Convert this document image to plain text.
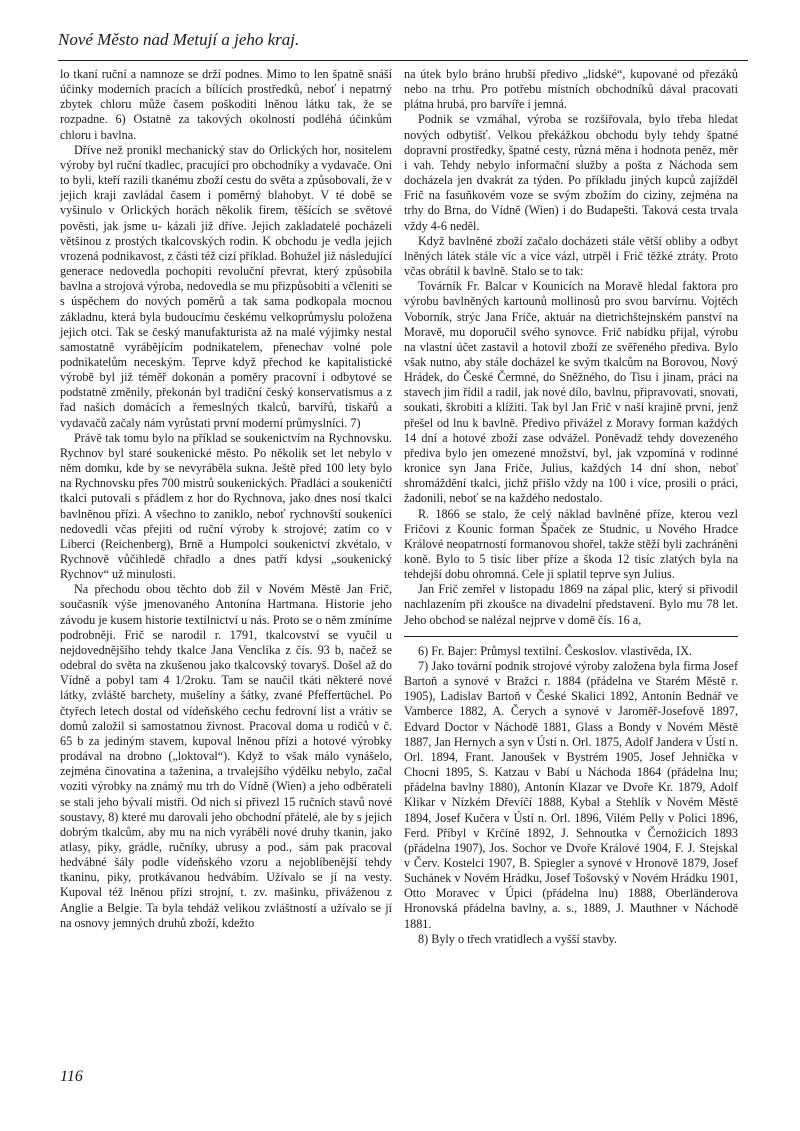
Nové Město nad Metují a jeho kraj.

lo tkaní ruční a namnoze se drží podnes. Mimo to len špatně snáší účinky moderních pracích a bílících prostředků, neboť i nepatrný zbytek chloru může časem poškoditi lněnou látku tak, že se rozpadne. 6) Ostatně za takových okolností podléhá účinkům chloru i bavlna.

Dříve než pronikl mechanický stav do Orlických hor, nositelem výroby byl ruční tkadlec, pracující pro obchodníky a vydavače. Oni to byli, kteří razili tkanému zboží cestu do světa a způsobovali, že v jejich kraji zavládal časem i poměrný blahobyt. V té době se vyšinulo v Orlických horách několik firem, těšících se světové pověsti, jak jsme u- kázali již dříve. Jejich zakladatelé pocházeli většinou z prostých tkalcovských rodin. K obchodu je vedla jejich vrozená podnikavost, z části též cizí příklad. Bohužel již následující generace nedovedla pochopiti revoluční převrat, který způsobila bavlna a strojová výroba, nedovedla se mu přizpůsobiti a včleniti se s úspěchem do nových poměrů a tak sama podkopala mocnou základnu, která byla budoucímu českému velkoprůmyslu položena jejich otci. Tak se český manufakturista až na malé výjimky nestal samostatně vyrábějícím podnikatelem, přenechav volné pole podnikatelům neceským. Teprve když přechod ke kapitalistické výrobě byl již téměř dokonán a poměry pracovní i odbytové se podstatně změnily, překonán byl tradiční český konservatismus a z řad našich domácích a řemeslných tkalců, barvířů, tiskařů a vydavačů začaly nám vyrůstati první moderní průmyslníci. 7)

Právě tak tomu bylo na příklad se soukenictvím na Rychnovsku. Rychnov byl staré soukenické město. Po několik set let nebylo v něm domku, kde by se nevyráběla sukna. Ještě před 100 lety bylo na Rychnovsku přes 700 mistrů soukenických. Přadláci a soukeničtí tkalci putovali s přádlem z hor do Rychnova, jako dnes nosí tkalci bavlněnou přízi. A všechno to zaniklo, neboť rychnovští soukeníci nedovedli včas přejiti od ruční výroby k strojové; zatím co v Liberci (Reichenberg), Brně a Humpolci soukenictví zkvétalo, v Rychnově vůčihledě chřadlo a dnes patří kdysi „soukenický Rychnov“ už minulosti.

Na přechodu obou těchto dob žil v Novém Městě Jan Frič, současník výše jmenovaného Antonína Hartmana. Historie jeho závodu je kusem historie textilnictví u nás. Proto se o něm zmíníme podrobněji. Frič se narodil r. 1791, tkalcovství se vyučil u nejdovednějšího tehdy tkalce Jana Venclíka z čís. 93 b, načež se odebral do světa na zkušenou jako tkalcovský tovaryš. Došel až do Vídně a pobyl tam 4 1/2roku. Tam se naučil tkáti některé nové látky, zvláště barchety, mušelíny a šátky, zvané Pfeffertüchel. Po čtyřech letech dostal od vídeňského cechu fedrovní list a vrátiv se domů založil si samostatnou živnost. Pracoval doma u rodičů v č. 65 b za jediným stavem, kupoval lněnou přízi a hotové výrobky prodával na drobno („loktoval“). Když to však málo vynášelo, zejména činovatina a taženina, a trvalejšího výdělku nebylo, začal voziti výrobky na známý mu trh do Vídně (Wien) a jeho odběrateli se stali jeho bývalí mistři. Od nich si přivezl 15 ručních stavů nové soustavy, 8) které mu darovali jeho obchodní přátelé, ale by s jejich dobrým tkalcům, aby mu na nich vyráběli nové druhy tkanin, jako atlasy, piky, grádle, ručníky, ubrusy a pod., sám pak pracoval hedvábné šály podle vídeňského vzoru a nejoblíbenější tehdy tkaninu, piky, protkávanou hedvábím. Užívalo se jí na vesty. Kupoval též lněnou přízi strojní, t. zv. mašinku, přiváženou z Anglie a Belgie. Ta byla tehdáž velikou zvláštností a užívalo se jí na osnovy jemných druhů zboží, kdežto

na útek bylo bráno hrubší předivo „lidské“, kupované od přezáků nebo na trhu. Pro potřebu místních obchodníků dával pracovati plátna hrubá, pro barvíře i jemná.

Podnik se vzmáhal, výroba se rozšiřovala, bylo třeba hledat nových odbytišť. Velkou překážkou obchodu byly tehdy špatné dopravní prostředky, špatné cesty, různá měna i hodnota peněz, měr i vah. Tehdy nebylo informační služby a pošta z Náchoda sem docházela jen dvakrát za týden. Po příkladu jiných kupců zajížděl Frič na fasuňkovém voze se svým zbožím do ciziny, zejména na trhy do Brna, do Vídně (Wien) i do Budapešti. Taková cesta trvala vždy 4-6 neděl.

Když bavlněné zboží začalo docházeti stále větší obliby a odbyt lněných látek stále víc a více vázl, utrpěl i Frič těžké ztráty. Proto včas obrátil k bavlně. Stalo se to tak:

Továrník Fr. Balcar v Kounicích na Moravě hledal faktora pro výrobu bavlněných kartounů mollinosů pro svou barvírnu. Vojtěch Voborník, strýc Jana Friče, aktuár na dietrichštejnském panství na Moravě, mu doporučil svého synovce. Frič nabídku přijal, výrobu na vlastní účet zastavil a hotovil zboží ze svěřeného přediva. Bylo však nutno, aby stále docházel ke svým tkalcům na Borovou, Nový Hrádek, do České Čermné, do Sněžného, do Tisu i jinam, práci na stavech jim řídil a radil, jak nové dílo, bavlnu, připravovati, snovati, soukati, škrobiti a klížiti. Tak byl Jan Frič v naší krajině první, jenž přešel od lnu k bavlně. Předivo přivážel z Moravy forman každých 14 dní a hotové zboží zase odvážel. Poněvadž tehdy dovezeného přediva bylo jen omezené množství, byl, jak vzpomíná v rodinné kronice syn Jana Friče, Julius, každých 14 dní shon, neboť shromáždění tkalci, jichž přišlo vždy na 100 i více, prosili o práci, žadonili, neboť se na každého nedostalo.

R. 1866 se stalo, že celý náklad bavlněné příze, kterou vezl Fričovi z Kounic forman Špaček ze Studnic, u Nového Hradce Králové neopatrností formanovou shořel, takže stěží byli zachráněni koně. Bylo to 5 tisíc liber příze a škoda 12 tisíc zlatých byla na tehdejší dobu ohromná. Cele ji splatil teprve syn Julius.

Jan Frič zemřel v listopadu 1869 na zápal plic, který si přivodil nachlazením při zkoušce na divadelní představení. Bylo mu 78 let. Jeho obchod se nalézal nejprve v domě čís. 16 a,

6) Fr. Bajer: Průmysl textilní. Českoslov. vlastivěda, IX.

7) Jako tovární podnik strojové výroby založena byla firma Josef Bartoň a synové v Bražci r. 1884 (přádelna ve Starém Městě r. 1905), Ladislav Bartoň v České Skalici 1892, Antonín Bednář ve Vamberce 1882, A. Čerych a synové v Jaroměř-Josefově 1897, Edvard Doctor v Náchodě 1881, Glass a Bondy v Novém Městě 1887, Jan Hernych a syn v Ústí n. Orl. 1875, Adolf Jandera v Ústí n. Orl. 1894, Frant. Janoušek v Bystrém 1905, Josef Jehnička v Chocni 1895, S. Katzau v Babí u Náchoda 1864 (přádelna lnu; přádelna bavlny 1880), Antonín Klazar ve Dvoře Kr. 1879, Adolf Klikar v Nízkém Dřevíčí 1888, Kybal a Stehlík v Novém Městě 1894, Josef Kučera v Ústí n. Orl. 1896, Vilém Pelly v Polici 1896, Ferd. Příbyl v Krčíně 1892, J. Sehnoutka v Černožicích 1893 (přádelna 1907), Jos. Sochor ve Dvoře Králové 1904, F. J. Stejskal v Červ. Kostelci 1907, B. Spiegler a synové v Hronově 1879, Josef Suchánek v Novém Hrádku, Josef Tošovský v Novém Hrádku 1901, Otto Moravec v Úpici (přádelna lnu) 1888, Oberländerova Hronovská přádelna bavlny, a. s., 1889, J. Mauthner v Náchodě 1881.

8) Byly o třech vratidlech a vyšší stavby.

116
